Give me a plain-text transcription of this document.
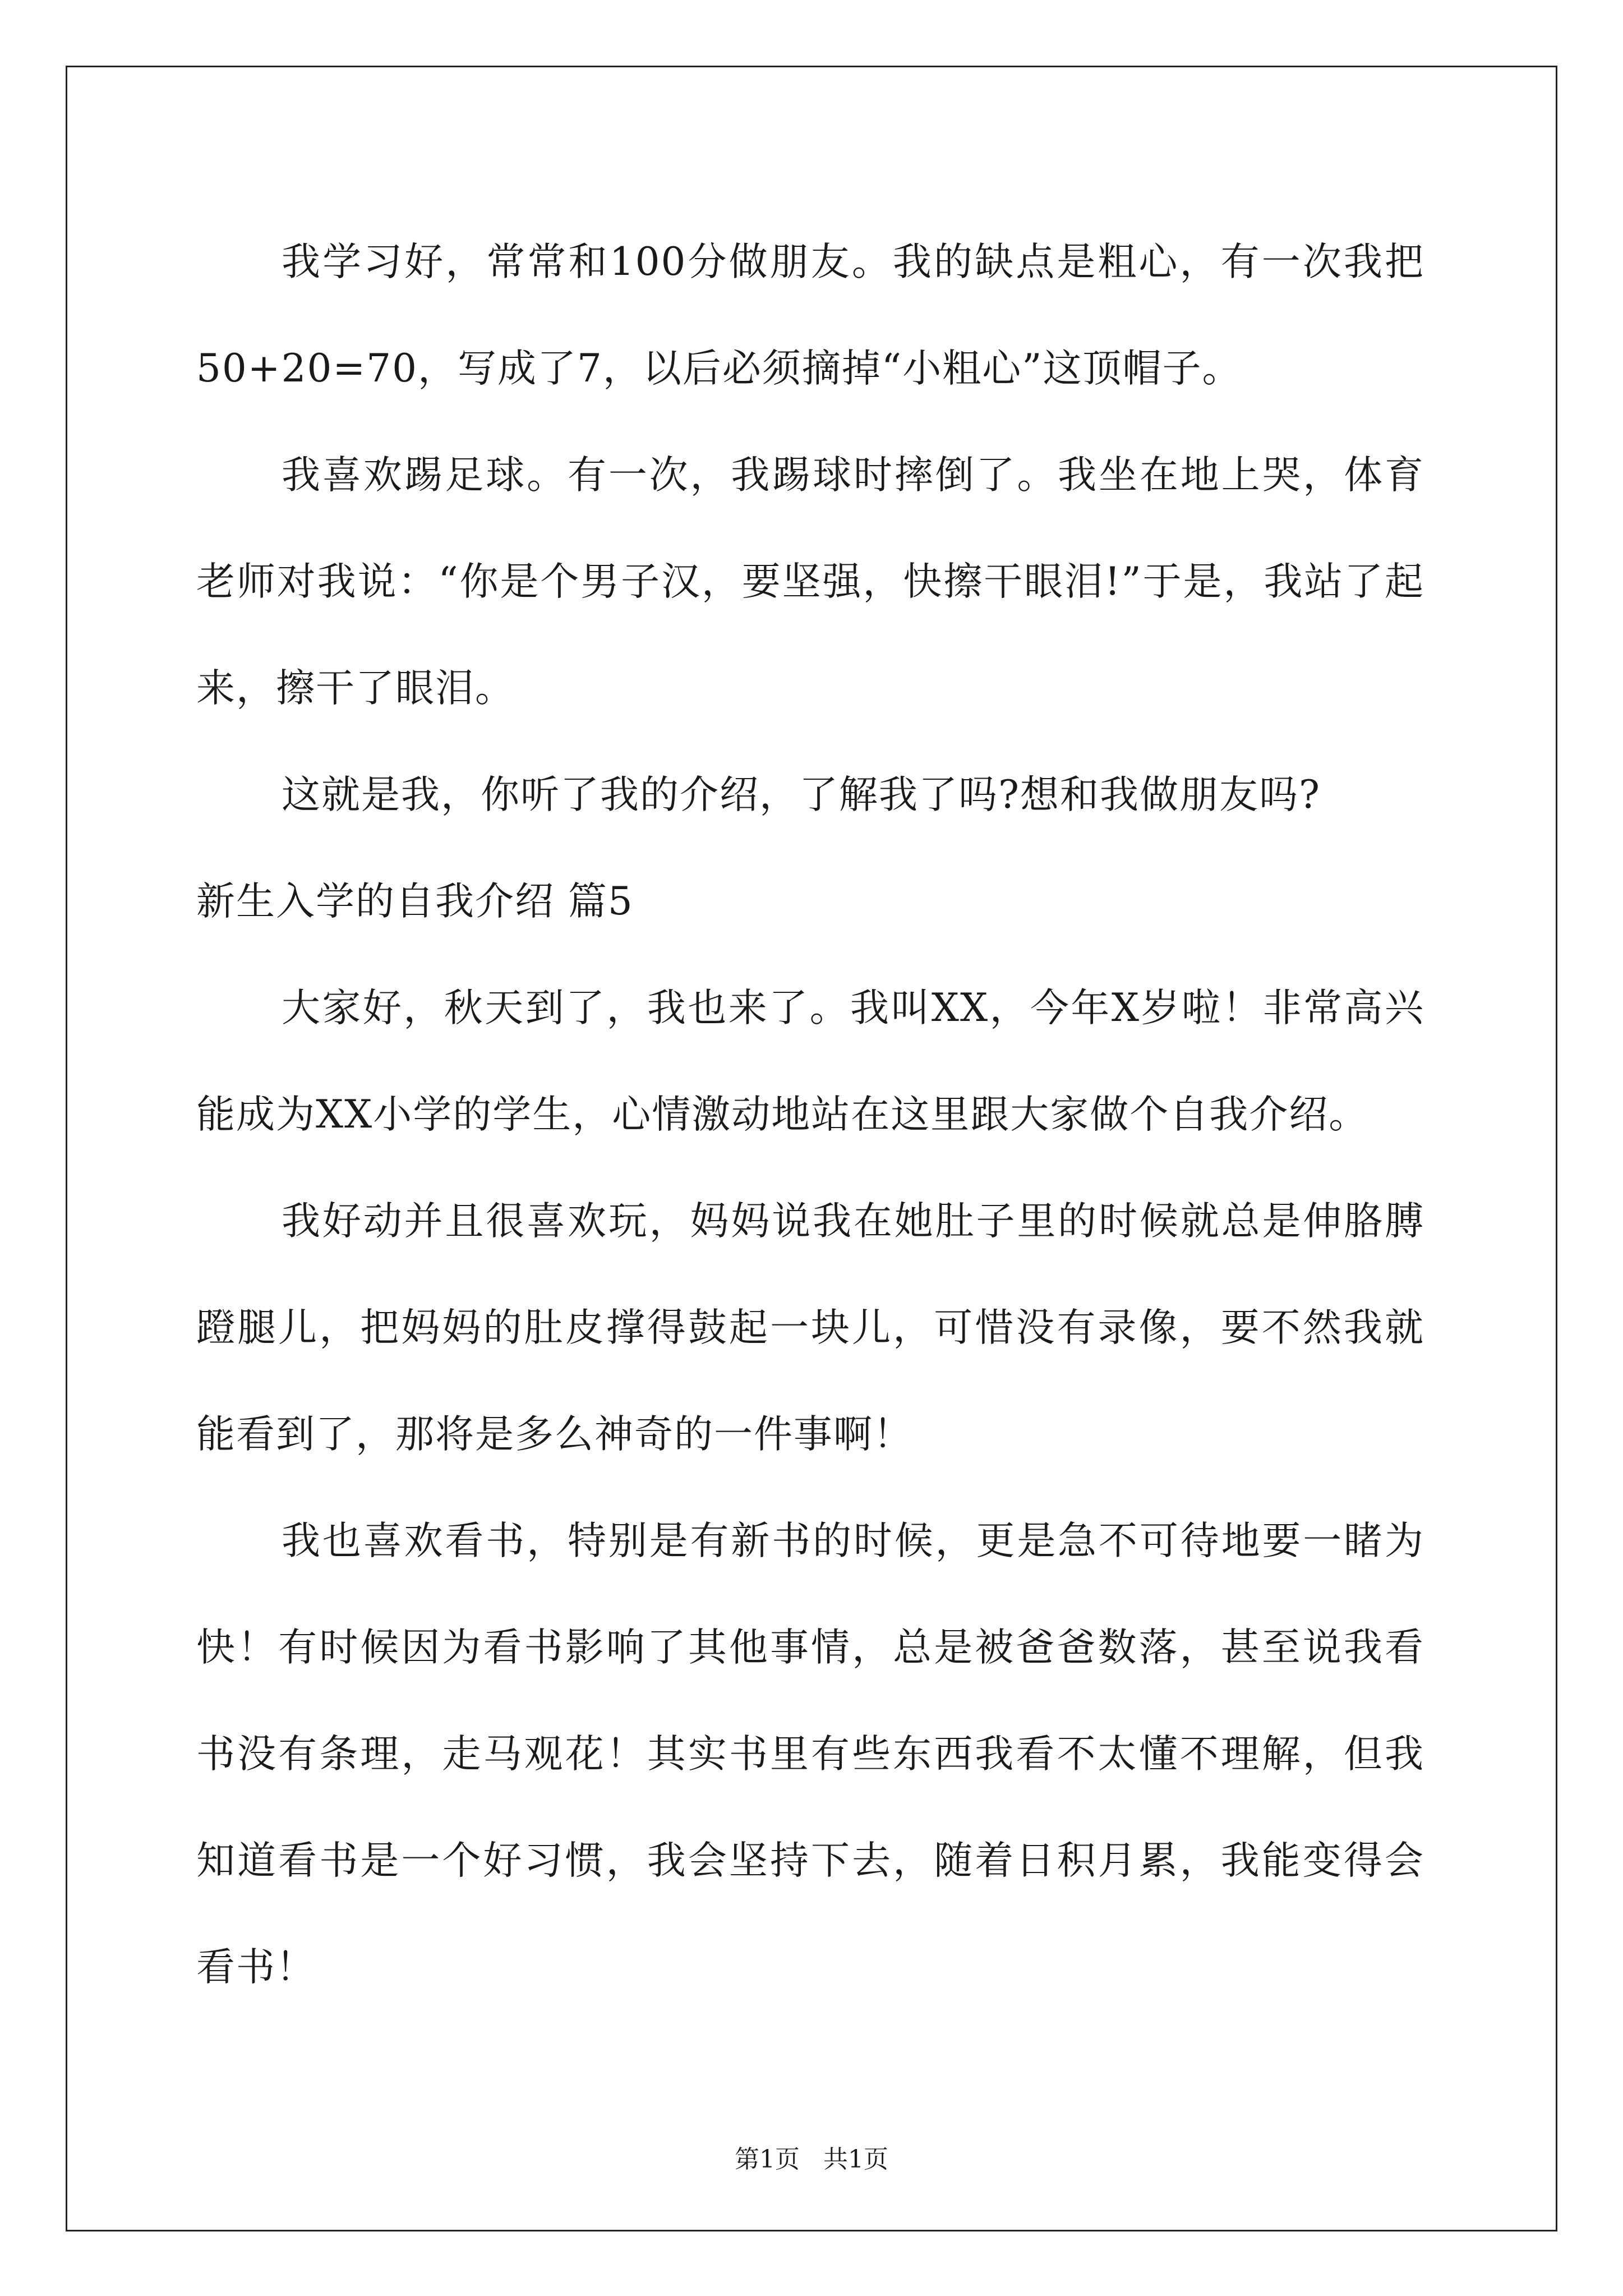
我学习好，常常和100分做朋友。我的缺点是粗心，有一次我把50+20=70，写成了7，以后必须摘掉“小粗心”这顶帽子。

我喜欢踢足球。有一次，我踢球时摔倒了。我坐在地上哭，体育老师对我说：“你是个男子汉，要坚强，快擦干眼泪!”于是，我站了起来，擦干了眼泪。

这就是我，你听了我的介绍，了解我了吗?想和我做朋友吗?

新生入学的自我介绍 篇5

大家好，秋天到了，我也来了。我叫XX，今年X岁啦！非常高兴能成为XX小学的学生，心情激动地站在这里跟大家做个自我介绍。

我好动并且很喜欢玩，妈妈说我在她肚子里的时候就总是伸胳膊蹬腿儿，把妈妈的肚皮撑得鼓起一块儿，可惜没有录像，要不然我就能看到了，那将是多么神奇的一件事啊！

我也喜欢看书，特别是有新书的时候，更是急不可待地要一睹为快！有时候因为看书影响了其他事情，总是被爸爸数落，甚至说我看书没有条理，走马观花！其实书里有些东西我看不太懂不理解，但我知道看书是一个好习惯，我会坚持下去，随着日积月累，我能变得会看书！

第1页 共1页
